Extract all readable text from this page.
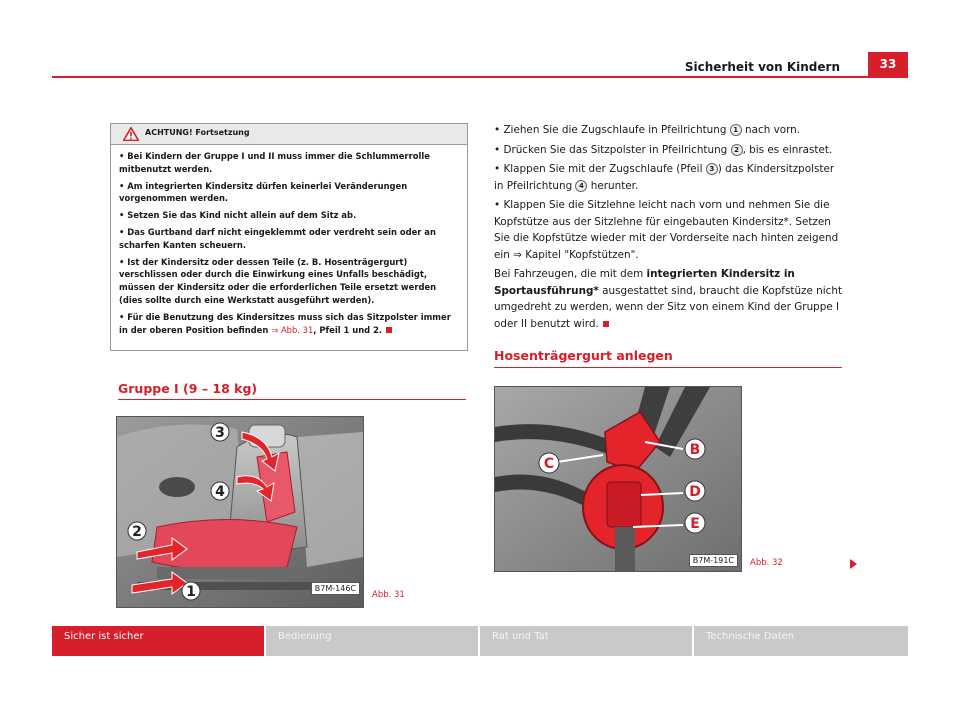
Sicherheit von Kindern	33
ACHTUNG! Fortsetzung
• Bei Kindern der Gruppe I und II muss immer die Schlummerrolle mitbenutzt werden.
• Am integrierten Kindersitz dürfen keinerlei Veränderungen vorgenommen werden.
• Setzen Sie das Kind nicht allein auf dem Sitz ab.
• Das Gurtband darf nicht eingeklemmt oder verdreht sein oder an scharfen Kanten scheuern.
• Ist der Kindersitz oder dessen Teile (z. B. Hosenträgergurt) verschlissen oder durch die Einwirkung eines Unfalls beschädigt, müssen der Kindersitz oder die erforderlichen Teile ersetzt werden (dies sollte durch eine Werkstatt ausgeführt werden).
• Für die Benutzung des Kindersitzes muss sich das Sitzpolster immer in der oberen Position befinden ⇒ Abb. 31, Pfeil 1 und 2.
Gruppe I (9 – 18 kg)
1
2
3
4
B7M-146C
Abb. 31

• Ziehen Sie die Zugschlaufe in Pfeilrichtung 1 nach vorn.

• Drücken Sie das Sitzpolster in Pfeilrichtung 2 , bis es einrastet.

• Klappen Sie mit der Zugschlaufe (Pfeil 3 ) das Kindersitzpolster in Pfeilrichtung 4 herunter.

• Klappen Sie die Sitzlehne leicht nach vorn und nehmen Sie die Kopfstütze aus der Sitzlehne für eingebauten Kindersitz*. Setzen Sie die Kopfstütze wieder mit der Vorderseite nach hinten zeigend ein ⇒ Kapitel "Kopfstützen".

Bei Fahrzeugen, die mit dem integrierten Kindersitz in Sportausführung* ausgestattet sind, braucht die Kopfstüze nicht umgedreht zu werden, wenn der Sitz von einem Kind der Gruppe I oder II benutzt wird.

Hosenträgergurt anlegen
B
C
D
E
B7M-191C	Abb. 32
Sicher ist sicher	Bedienung	Rat und Tat	Technische Daten
